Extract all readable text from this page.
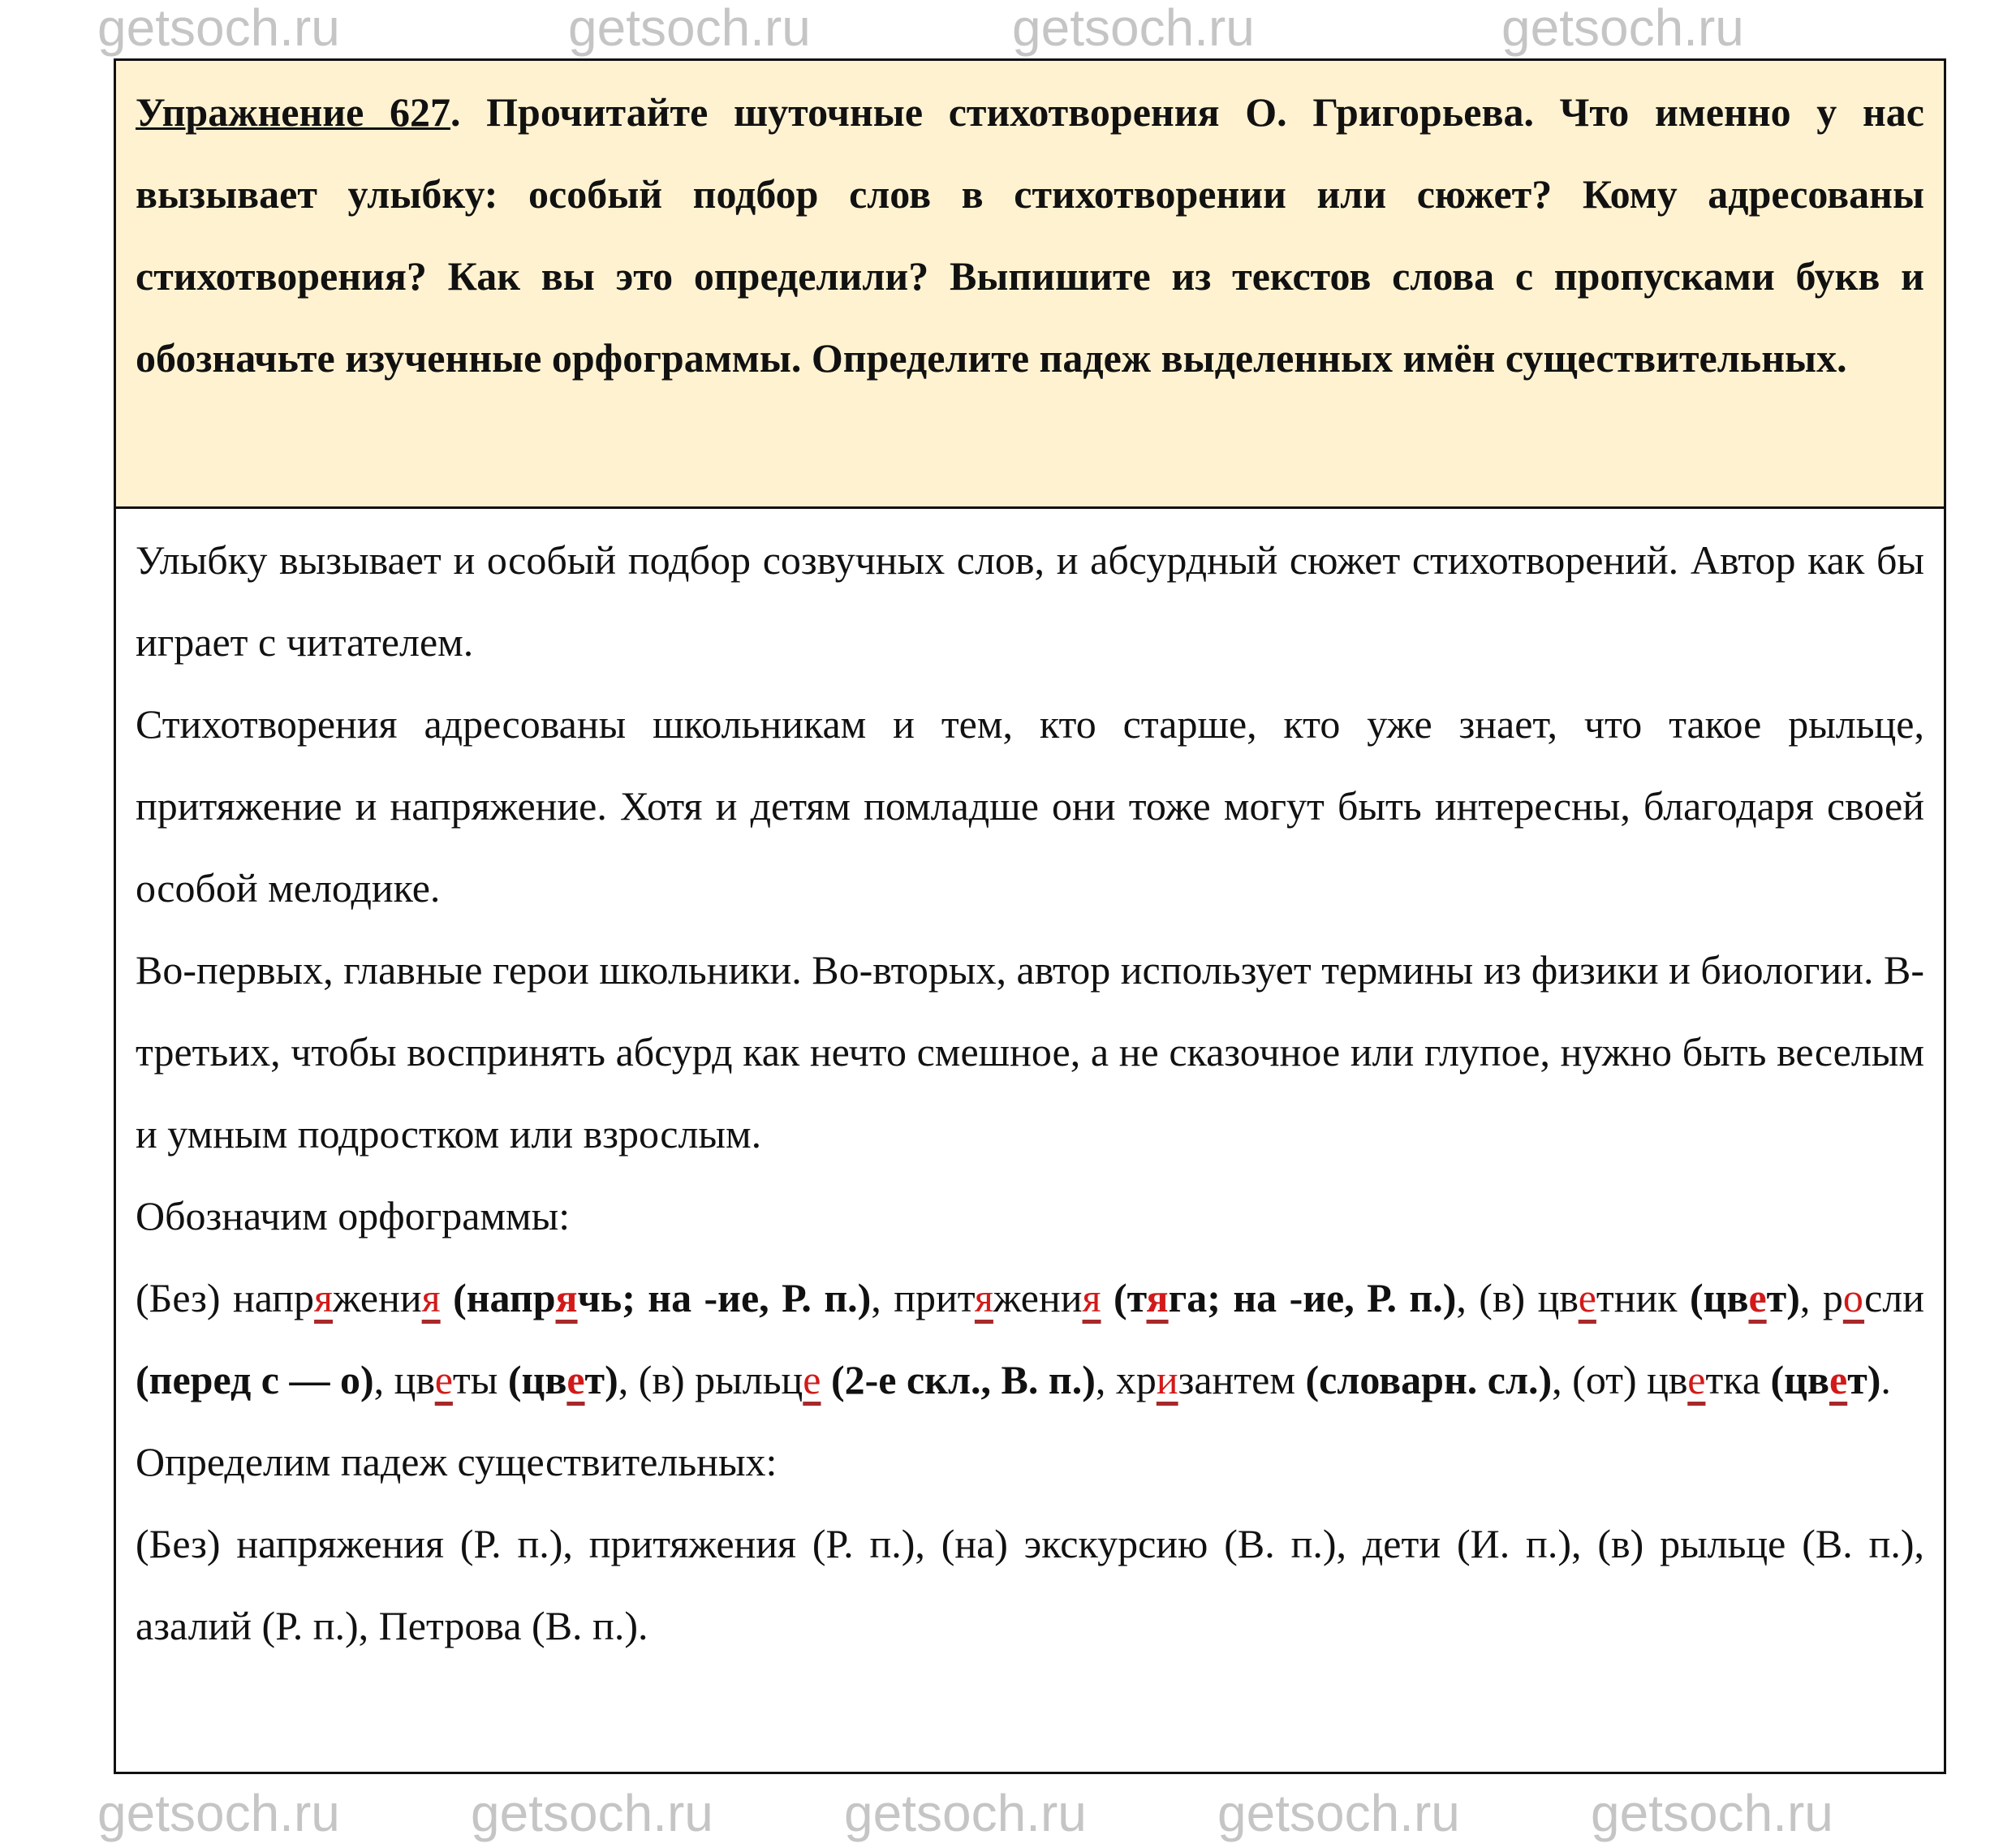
Упражнение 627. Прочитайте шуточные стихотворения О. Григорьева. Что именно у нас вызывает улыбку: особый подбор слов в стихотворении или сюжет? Кому адресованы стихотворения? Как вы это определили? Выпишите из текстов слова с пропусками букв и обозначьте изученные орфограммы. Определите падеж выделенных имён существительных.

Улыбку вызывает и особый подбор созвучных слов, и абсурдный сюжет стихотворений. Автор как бы играет с читателем.

Стихотворения адресованы школьникам и тем, кто старше, кто уже знает, что такое рыльце, притяжение и напряжение. Хотя и детям помладше они тоже могут быть интересны, благодаря своей особой мелодике.

Во-первых, главные герои школьники. Во-вторых, автор использует термины из физики и биологии. В-третьих, чтобы воспринять абсурд как нечто смешное, а не сказочное или глупое, нужно быть веселым и умным подростком или взрослым.

Обозначим орфограммы:

(Без) напряжения (напрячь; на -ие, Р. п.), притяжения (тяга; на -ие, Р. п.), (в) цветник (цвет), росли (перед с — о), цветы (цвет), (в) рыльце (2-е скл., В. п.), хризантем (словарн. сл.), (от) цветка (цвет).

Определим падеж существительных:

(Без) напряжения (Р. п.), притяжения (Р. п.), (на) экскурсию (В. п.), дети (И. п.), (в) рыльце (В. п.), азалий (Р. п.), Петрова (В. п.).

getsoch.ru	getsoch.ru	getsoch.ru	getsoch.ru
getsoch.ru	getsoch.ru	getsoch.ru	getsoch.ru	getsoch.ru
